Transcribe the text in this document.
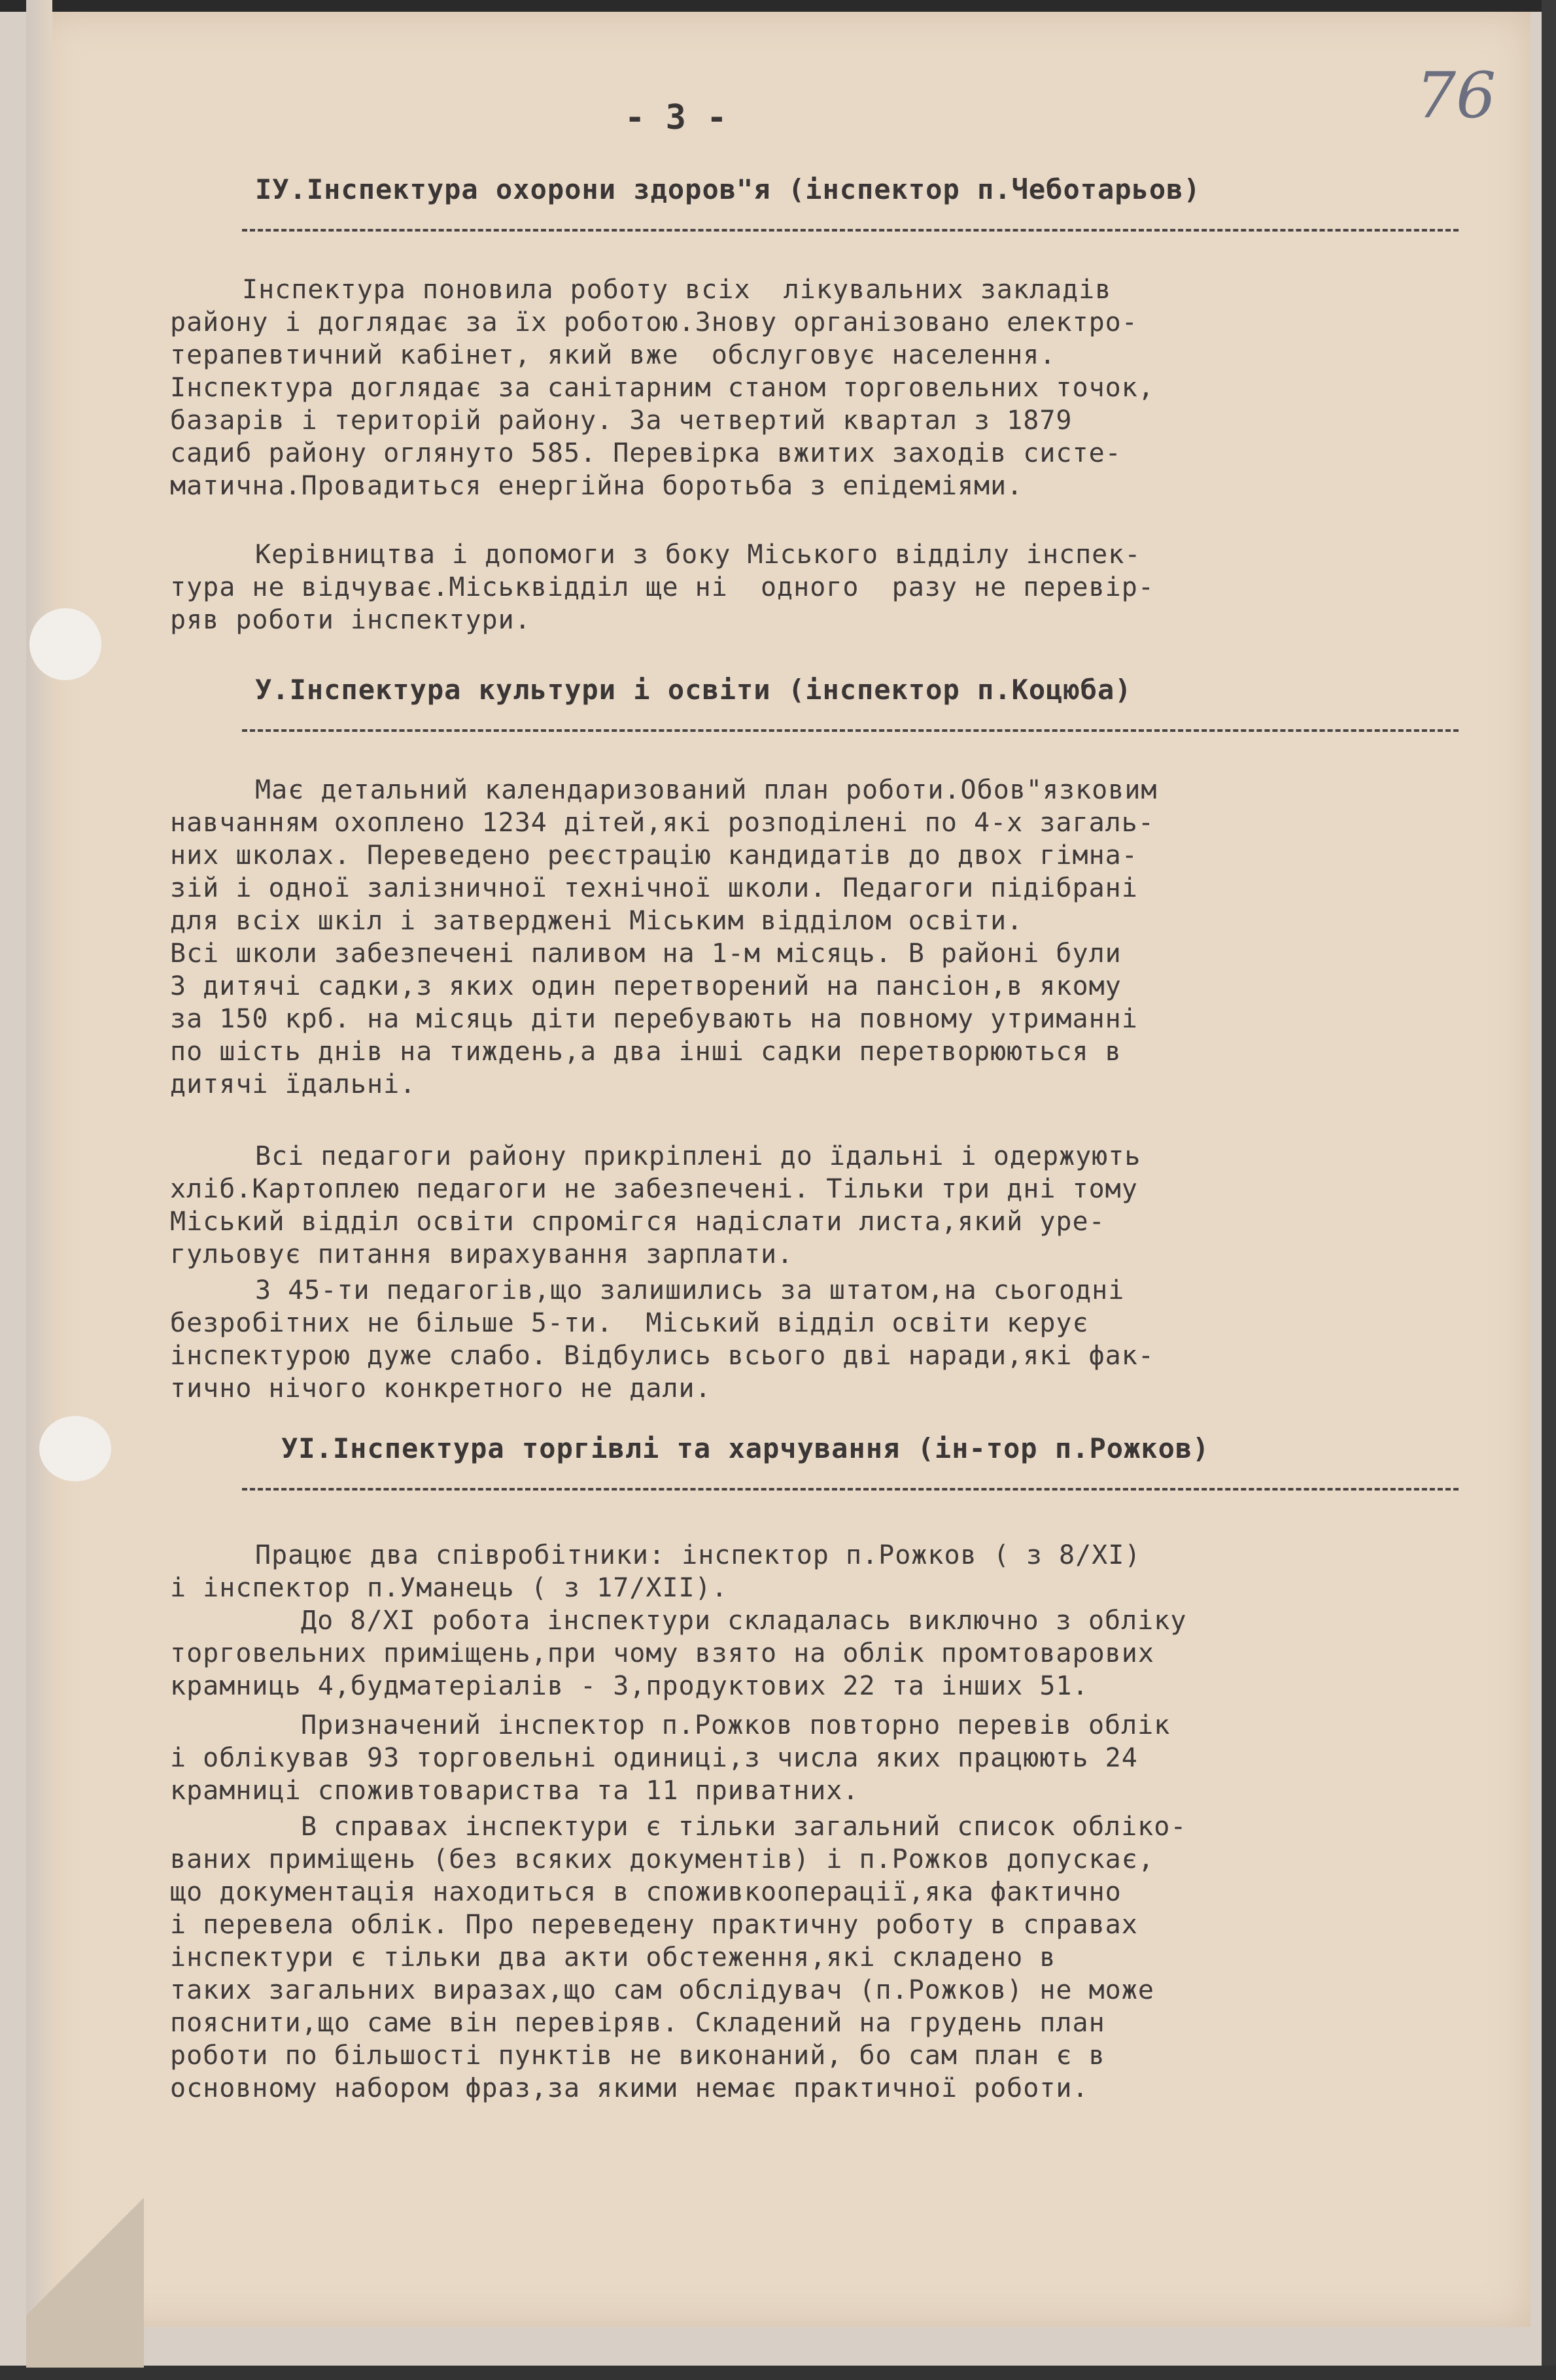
- 3 -	76
IУ.Інспектура охорони здоров"я (інспектор п.Чеботарьов)
Інспектура поновила роботу всіх  лікувальних закладів
району і доглядає за їх роботою.Знову організовано електро-
терапевтичний кабінет, який вже  обслуговує населення.
Інспектура доглядає за санітарним станом торговельних точок,
базарів і територій району. За четвертий квартал з 1879
садиб району оглянуто 585. Перевірка вжитих заходів систе-
матична.Провадиться енергійна боротьба з епідеміями.
Керівництва і допомоги з боку Міського відділу інспек-
тура не відчуває.Міськвідділ ще ні  одного  разу не перевір-
ряв роботи інспектури.
У.Інспектура культури і освіти (інспектор п.Коцюба)
Має детальний календаризований план роботи.Обов"язковим
навчанням охоплено 1234 дітей,які розподілені по 4-х загаль-
них школах. Переведено реєстрацію кандидатів до двох гімна-
зій і одної залізничної технічної школи. Педагоги підібрані
для всіх шкіл і затверджені Міським відділом освіти.
Всі школи забезпечені паливом на 1-м місяць. В районі були
3 дитячі садки,з яких один перетворений на пансіон,в якому
за 150 крб. на місяць діти перебувають на повному утриманні
по шість днів на тиждень,а два інші садки перетворюються в
дитячі їдальні.
Всі педагоги району прикріплені до їдальні і одержують
хліб.Картоплею педагоги не забезпечені. Тільки три дні тому
Міський відділ освіти спромігся надіслати листа,який уре-
гульовує питання вирахування зарплати.
З 45-ти педагогів,що залишились за штатом,на сьогодні
безробітних не більше 5-ти.  Міський відділ освіти керує
інспектурою дуже слабо. Відбулись всього дві наради,які фак-
тично нічого конкретного не дали.
УІ.Інспектура торгівлі та харчування (ін-тор п.Рожков)
Працює два співробітники: інспектор п.Рожков ( з 8/ХІ)
і інспектор п.Уманець ( з 17/ХІІ).
До 8/ХІ робота інспектури складалась виключно з обліку
торговельних приміщень,при чому взято на облік промтоварових
крамниць 4,будматеріалів - 3,продуктових 22 та інших 51.
Призначений інспектор п.Рожков повторно перевів облік
і облікував 93 торговельні одиниці,з числа яких працюють 24
крамниці споживтовариства та 11 приватних.
В справах інспектури є тільки загальний список обліко-
ваних приміщень (без всяких документів) і п.Рожков допускає,
що документація находиться в споживкооперації,яка фактично
і перевела облік. Про переведену практичну роботу в справах
інспектури є тільки два акти обстеження,які складено в
таких загальних виразах,що сам обслідувач (п.Рожков) не може
пояснити,що саме він перевіряв. Складений на грудень план
роботи по більшості пунктів не виконаний, бо сам план є в
основному набором фраз,за якими немає практичної роботи.
